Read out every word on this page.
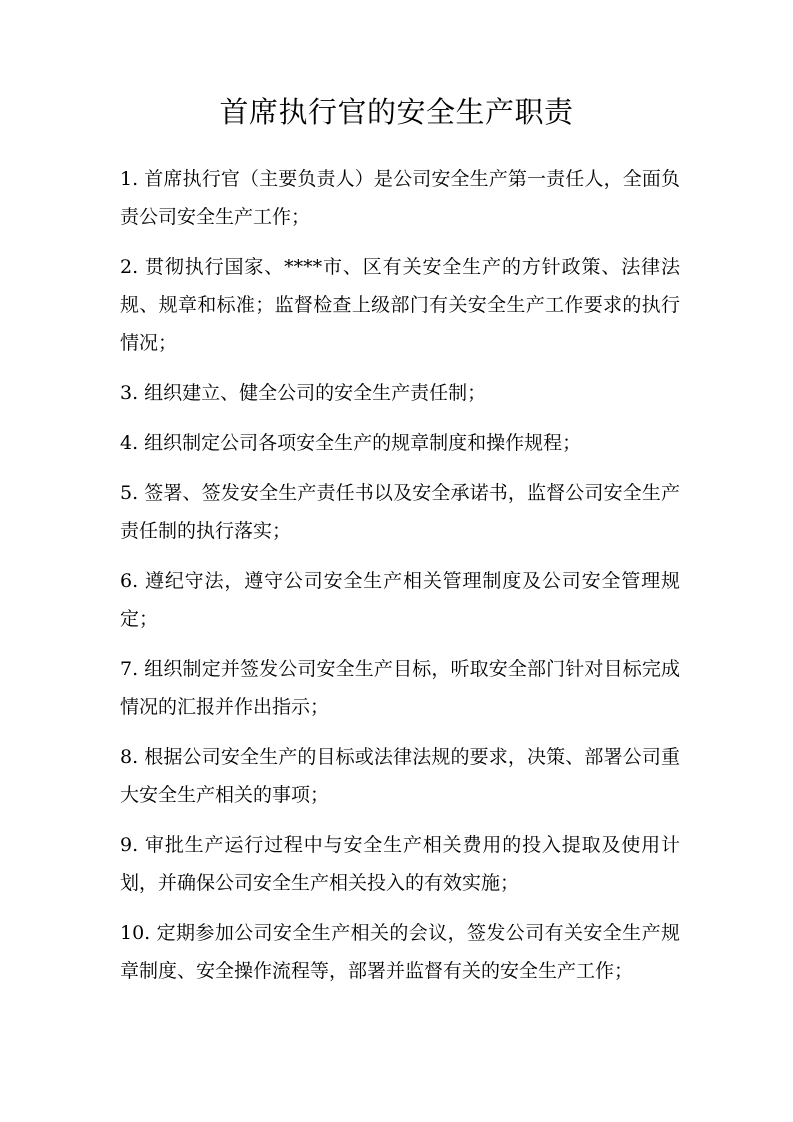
首席执行官的安全生产职责
1. 首席执行官（主要负责人）是公司安全生产第一责任人，全面负责公司安全生产工作；
2. 贯彻执行国家、****市、区有关安全生产的方针政策、法律法规、规章和标准；监督检查上级部门有关安全生产工作要求的执行情况；
3. 组织建立、健全公司的安全生产责任制；
4. 组织制定公司各项安全生产的规章制度和操作规程；
5. 签署、签发安全生产责任书以及安全承诺书，监督公司安全生产责任制的执行落实；
6. 遵纪守法，遵守公司安全生产相关管理制度及公司安全管理规定；
7. 组织制定并签发公司安全生产目标，听取安全部门针对目标完成情况的汇报并作出指示；
8. 根据公司安全生产的目标或法律法规的要求，决策、部署公司重大安全生产相关的事项；
9. 审批生产运行过程中与安全生产相关费用的投入提取及使用计划，并确保公司安全生产相关投入的有效实施；
10. 定期参加公司安全生产相关的会议，签发公司有关安全生产规章制度、安全操作流程等，部署并监督有关的安全生产工作；
